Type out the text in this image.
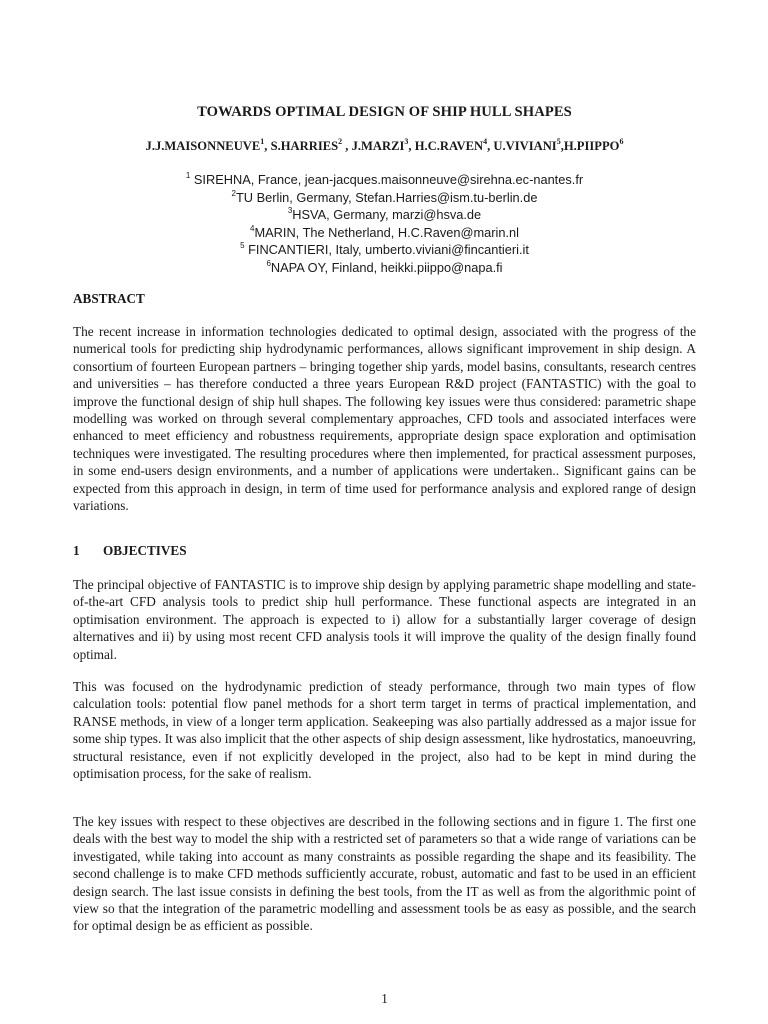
TOWARDS OPTIMAL DESIGN OF SHIP HULL SHAPES
J.J.MAISONNEUVE$^1$, S.HARRIES$^2$ , J.MARZI$^3$, H.C.RAVEN$^4$, U.VIVIANI$^5$,H.PIIPPO$^6$
$^1$ SIREHNA, France, jean-jacques.maisonneuve@sirehna.ec-nantes.fr
$^2$TU Berlin, Germany, Stefan.Harries@ism.tu-berlin.de
$^3$HSVA, Germany, marzi@hsva.de
$^4$MARIN, The Netherland, H.C.Raven@marin.nl
$^5$ FINCANTIERI, Italy, umberto.viviani@fincantieri.it
$^6$NAPA OY, Finland, heikki.piippo@napa.fi
ABSTRACT
The recent increase in information technologies dedicated to optimal design, associated with the progress of the numerical tools for predicting ship hydrodynamic performances, allows significant improvement in ship design. A consortium of fourteen European partners – bringing together ship yards, model basins, consultants, research centres and universities – has therefore conducted a three years European R&D project (FANTASTIC) with the goal to improve the functional design of ship hull shapes. The following key issues were thus considered: parametric shape modelling was worked on through several complementary approaches, CFD tools and associated interfaces were enhanced to meet efficiency and robustness requirements, appropriate design space exploration and optimisation techniques were investigated. The resulting procedures where then implemented, for practical assessment purposes, in some end-users design environments, and a number of applications were undertaken.. Significant gains can be expected from this approach in design, in term of time used for performance analysis and explored range of design variations.
1 OBJECTIVES
The principal objective of FANTASTIC is to improve ship design by applying parametric shape modelling and state-of-the-art CFD analysis tools to predict ship hull performance. These functional aspects are integrated in an optimisation environment. The approach is expected to i) allow for a substantially larger coverage of design alternatives and ii) by using most recent CFD analysis tools it will improve the quality of the design finally found optimal.
This was focused on the hydrodynamic prediction of steady performance, through two main types of flow calculation tools: potential flow panel methods for a short term target in terms of practical implementation, and RANSE methods, in view of a longer term application. Seakeeping was also partially addressed as a major issue for some ship types. It was also implicit that the other aspects of ship design assessment, like hydrostatics, manoeuvring, structural resistance, even if not explicitly developed in the project, also had to be kept in mind during the optimisation process, for the sake of realism.
The key issues with respect to these objectives are described in the following sections and in figure 1. The first one deals with the best way to model the ship with a restricted set of parameters so that a wide range of variations can be investigated, while taking into account as many constraints as possible regarding the shape and its feasibility. The second challenge is to make CFD methods sufficiently accurate, robust, automatic and fast to be used in an efficient design search. The last issue consists in defining the best tools, from the IT as well as from the algorithmic point of view so that the integration of the parametric modelling and assessment tools be as easy as possible, and the search for optimal design be as efficient as possible.
1
